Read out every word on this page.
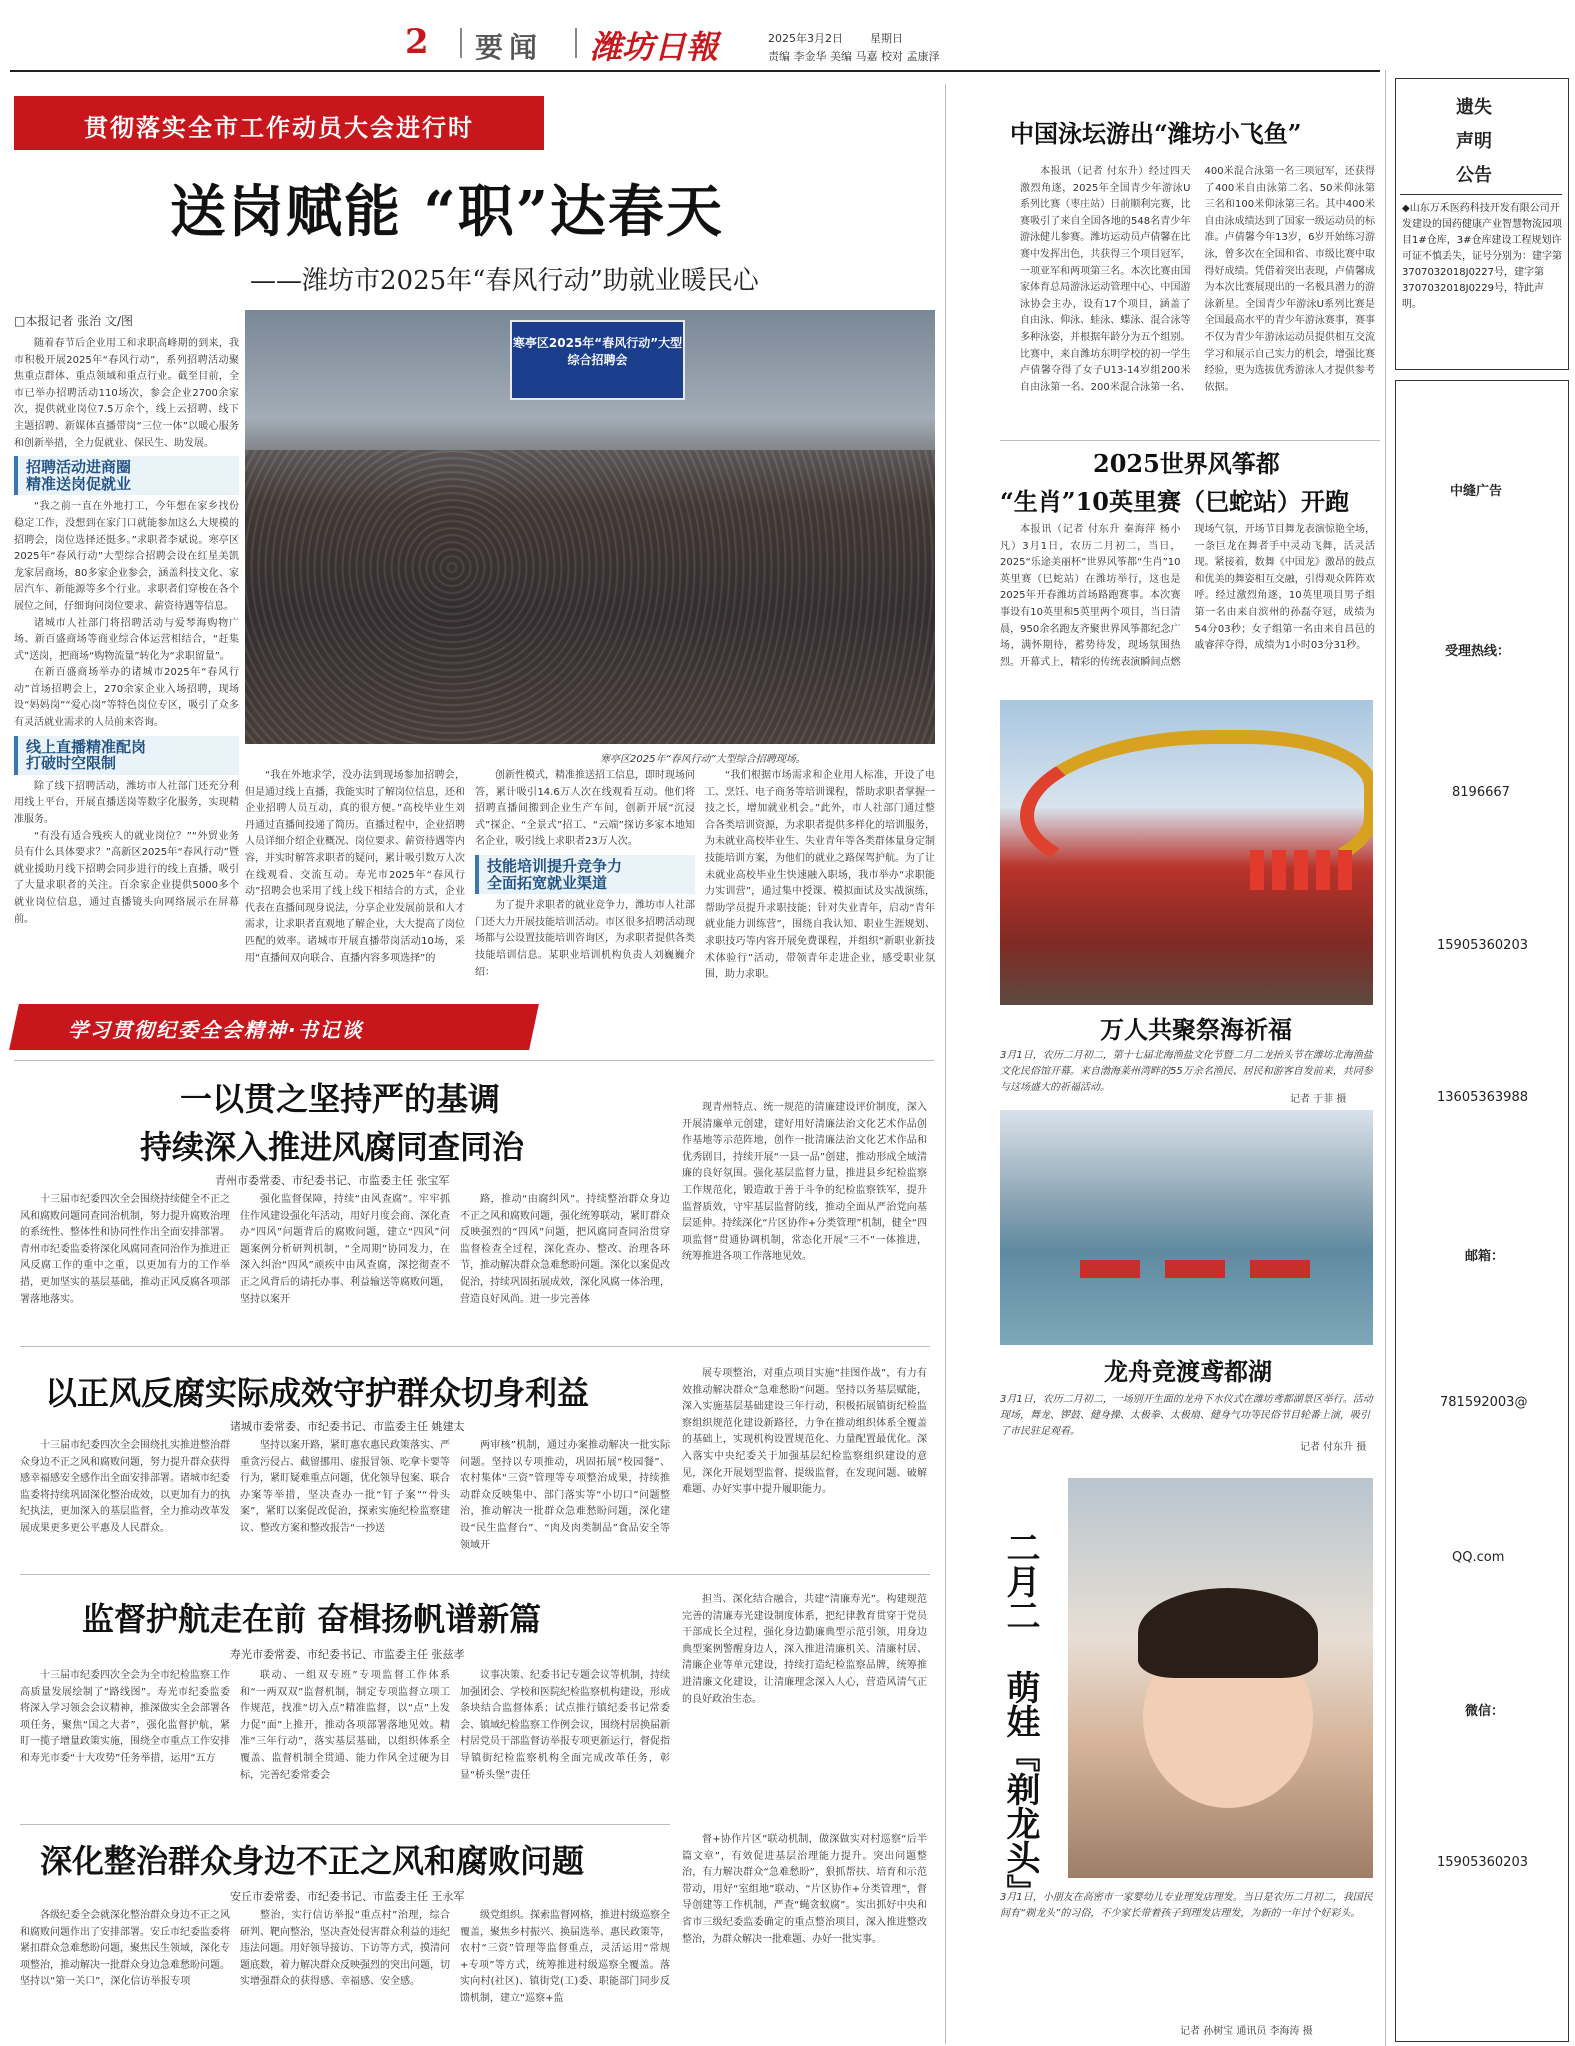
2 要闻 潍坊日報	2025年3月2日 星期日
责编 李金华 美编 马嘉 校对 孟康泽
贯彻落实全市工作动员大会进行时
送岗赋能 “职”达春天
——潍坊市2025年“春风行动”助就业暖民心
□本报记者 张治 文/图

随着春节后企业用工和求职高峰期的到来，我市积极开展2025年“春风行动”，系列招聘活动聚焦重点群体、重点领域和重点行业。截至目前，全市已举办招聘活动110场次，参会企业2700余家次，提供就业岗位7.5万余个，线上云招聘、线下主题招聘、新媒体直播带岗“三位一体”以暖心服务和创新举措，全力促就业、保民生、助发展。

招聘活动进商圈
精准送岗促就业

“我之前一直在外地打工，今年想在家乡找份稳定工作，没想到在家门口就能参加这么大规模的招聘会，岗位选择还挺多。”求职者李斌说。寒亭区2025年“春风行动”大型综合招聘会设在红星美凯龙家居商场，80多家企业参会，涵盖科技文化、家居汽车、新能源等多个行业。求职者们穿梭在各个展位之间，仔细询问岗位要求、薪资待遇等信息。

诸城市人社部门将招聘活动与爱琴海购物广场、新百盛商场等商业综合体运营相结合，“赶集式”送岗，把商场“购物流量”转化为“求职留量”。

在新百盛商场举办的诸城市2025年“春风行动”首场招聘会上，270余家企业入场招聘，现场设“妈妈岗”“爱心岗”等特色岗位专区，吸引了众多有灵活就业需求的人员前来咨询。

线上直播精准配岗
打破时空限制

除了线下招聘活动，潍坊市人社部门还充分利用线上平台，开展直播送岗等数字化服务，实现精准服务。

“有没有适合残疾人的就业岗位？”“外贸业务员有什么具体要求？”高新区2025年“春风行动”暨就业援助月线下招聘会同步进行的线上直播，吸引了大量求职者的关注。百余家企业提供5000多个就业岗位信息，通过直播镜头向网络展示在屏幕前。

寒亭区2025年“春风行动”大型综合招聘会
寒亭区2025年“春风行动”大型综合招聘现场。

“我在外地求学，没办法到现场参加招聘会，但是通过线上直播，我能实时了解岗位信息，还和企业招聘人员互动，真的很方便。”高校毕业生刘丹通过直播间投递了简历。直播过程中，企业招聘人员详细介绍企业概况、岗位要求、薪资待遇等内容，并实时解答求职者的疑问，累计吸引数万人次在线观看、交流互动。寿光市2025年“春风行动”招聘会也采用了线上线下相结合的方式，企业代表在直播间现身说法，分享企业发展前景和人才需求，让求职者直观地了解企业，大大提高了岗位匹配的效率。诸城市开展直播带岗活动10场，采用“直播间双向联合、直播内容多项选择”的

创新性模式，精准推送招工信息，即时现场问答，累计吸引14.6万人次在线观看互动。他们将招聘直播间搬到企业生产车间，创新开展“沉浸式”探企、“全景式”招工、“云端”探访多家本地知名企业，吸引线上求职者23万人次。

技能培训提升竞争力
全面拓宽就业渠道

为了提升求职者的就业竞争力，潍坊市人社部门还大力开展技能培训活动。市区很多招聘活动现场都与公设置技能培训咨询区，为求职者提供各类技能培训信息。某职业培训机构负责人刘巍巍介绍：

“我们根据市场需求和企业用人标准，开设了电工、烹饪、电子商务等培训课程，帮助求职者掌握一技之长，增加就业机会。”此外，市人社部门通过整合各类培训资源，为求职者提供多样化的培训服务，为未就业高校毕业生、失业青年等各类群体量身定制技能培训方案，为他们的就业之路保驾护航。为了让未就业高校毕业生快速融入职场，我市举办“求职能力实训营”，通过集中授课、模拟面试及实战演练，帮助学员提升求职技能；针对失业青年，启动“青年就业能力训练营”，围绕自我认知、职业生涯规划、求职技巧等内容开展免费课程，并组织“新职业新技术体验行”活动，带领青年走进企业，感受职业氛围，助力求职。

中国泳坛游出“潍坊小飞鱼”

本报讯（记者 付东升）经过四天激烈角逐，2025年全国青少年游泳U系列比赛（枣庄站）日前顺利完赛，比赛吸引了来自全国各地的548名青少年游泳健儿参赛。潍坊运动员卢倩馨在比赛中发挥出色，共获得三个项目冠军，一项亚军和两项第三名。本次比赛由国家体育总局游泳运动管理中心、中国游泳协会主办，设有17个项目，涵盖了自由泳、仰泳、蛙泳、蝶泳、混合泳等多种泳姿，并根据年龄分为五个组别。比赛中，来自潍坊东明学校的初一学生卢倩馨夺得了女子U13-14岁组200米自由泳第一名、200米混合泳第一名、400米混合泳第一名三项冠军，还获得了400米自由泳第二名、50米仰泳第三名和100米仰泳第三名。其中400米自由泳成绩达到了国家一级运动员的标准。卢倩馨今年13岁，6岁开始练习游泳，曾多次在全国和省、市级比赛中取得好成绩。凭借着突出表现，卢倩馨成为本次比赛展现出的一名极具潜力的游泳新星。全国青少年游泳U系列比赛是全国最高水平的青少年游泳赛事，赛事不仅为青少年游泳运动员提供相互交流学习和展示自己实力的机会，增强比赛经验，更为选拔优秀游泳人才提供参考依据。

2025世界风筝都
“生肖”10英里赛（巳蛇站）开跑

本报讯（记者 付东升 秦海萍 杨小凡）3月1日，农历二月初二，当日，2025“乐途美丽杯”世界风筝都“生肖”10英里赛（巳蛇站）在潍坊举行，这也是2025年开春潍坊首场路跑赛事。本次赛事设有10英里和5英里两个项目，当日清晨，950余名跑友齐聚世界风筝都纪念广场，满怀期待，蓄势待发，现场氛围热烈。开幕式上，精彩的传统表演瞬间点燃现场气氛，开场节目舞龙表演惊艳全场，一条巨龙在舞者手中灵动飞舞，活灵活现。紧接着，数舞《中国龙》激昂的鼓点和优美的舞姿相互交融，引得观众阵阵欢呼。经过激烈角逐，10英里项目男子组第一名由来自滨州的孙磊夺冠，成绩为54分03秒；女子组第一名由来自昌邑的戚睿萍夺得，成绩为1小时03分31秒。

万人共聚祭海祈福
3月1日，农历二月初二，第十七届北海渔盐文化节暨二月二龙抬头节在潍坊北海渔盐文化民俗馆开幕。来自渤海莱州湾畔的55万余名渔民、居民和游客自发前来，共同参与这场盛大的祈福活动。
记者 于菲 摄
龙舟竞渡鸢都湖
3月1日，农历二月初二，一场别开生面的龙舟下水仪式在潍坊鸢都湖景区举行。活动现场，舞龙、锣鼓、健身操、太极拳、太极扇、健身气功等民俗节目轮番上演，吸引了市民驻足观看。
记者 付东升 摄
二月二
萌娃『剃龙头』
3月1日，小朋友在高密市一家婴幼儿专业理发店理发。当日是农历二月初二，我国民间有“剃龙头”的习俗，不少家长带着孩子到理发店理发，为新的一年讨个好彩头。
记者 孙树宝 通讯员 李海涛 摄
遗失
声明
公告
◆山东万禾医药科技开发有限公司开发建设的国药健康产业智慧物流园项目1#仓库，3#仓库建设工程规划许可证不慎丢失，证号分别为：建字第3707032018J0227号，建字第3707032018J0229号，特此声明。
中缝广告
受理热线：
8196667
15905360203
13605363988
邮箱：
781592003@
QQ.com
微信：
15905360203
学习贯彻纪委全会精神·书记谈
一以贯之坚持严的基调
持续深入推进风腐同查同治
青州市委常委、市纪委书记、市监委主任 张宝军

十三届市纪委四次全会围绕持续健全不正之风和腐败问题同查同治机制，努力提升腐败治理的系统性、整体性和协同性作出全面安排部署。青州市纪委监委将深化风腐同查同治作为推进正风反腐工作的重中之重，以更加有力的工作举措，更加坚实的基层基础，推动正风反腐各项部署落地落实。

强化监督保障，持续“由风查腐”。牢牢抓住作风建设强化年活动，用好月度会商、深化查办“四风”问题背后的腐败问题，建立“四风”问题案例分析研判机制，“全周期”协同发力，在深入纠治“四风”顽疾中由风查腐，深挖彻查不正之风背后的请托办事、利益输送等腐败问题，坚持以案开

路，推动“由腐纠风”。持续整治群众身边不正之风和腐败问题，强化统筹联动，紧盯群众反映强烈的“四风”问题，把风腐同查同治贯穿监督检查全过程，深化查办、整改、治理各环节，推动解决群众急难愁盼问题。深化以案促改促治，持续巩固拓展成效，深化风腐一体治理，营造良好风尚。进一步完善体

现青州特点、统一规范的清廉建设评价制度，深入开展清廉单元创建，建好用好清廉法治文化艺术作品创作基地等示范阵地，创作一批清廉法治文化艺术作品和优秀剧目，持续开展“一县一品”创建，推动形成全域清廉的良好氛围。强化基层监督力量，推进县乡纪检监察工作规范化，锻造敢于善于斗争的纪检监察铁军，提升监督质效，守牢基层监督防线，推动全面从严治党向基层延伸。持续深化“片区协作+分类管理”机制，健全“四项监督”贯通协调机制，常态化开展“三不”一体推进，统筹推进各项工作落地见效。

以正风反腐实际成效守护群众切身利益
诸城市委常委、市纪委书记、市监委主任 姚建太

十三届市纪委四次全会围绕扎实推进整治群众身边不正之风和腐败问题，努力提升群众获得感幸福感安全感作出全面安排部署。诸城市纪委监委将持续巩固深化整治成效，以更加有力的执纪执法，更加深入的基层监督，全力推动改革发展成果更多更公平惠及人民群众。

坚持以案开路，紧盯惠农惠民政策落实、严重贪污侵占、截留挪用、虚报冒领、吃拿卡要等行为，紧盯疑难重点问题，优化领导包案、联合办案等举措，坚决查办一批“钉子案”“骨头案”，紧盯以案促改促治，探索实施纪检监察建议、整改方案和整改报告“一抄送

两审核”机制，通过办案推动解决一批实际问题。坚持以专项推动，巩固拓展“校园餐”、农村集体“三资”管理等专项整治成果，持续推动群众反映集中、部门落实等“小切口”问题整治，推动解决一批群众急难愁盼问题，深化建设“民生监督台”、“肉及肉类制品”食品安全等领域开

展专项整治，对重点项目实施“挂图作战”，有力有效推动解决群众“急难愁盼”问题。坚持以务基层赋能，深入实施基层基础建设三年行动，积极拓展镇街纪检监察组织规范化建设新路径，力争在推动组织体系全覆盖的基础上，实现机构设置规范化、力量配置最优化。深入落实中央纪委关于加强基层纪检监察组织建设的意见，深化开展划型监督、提级监督，在发现问题、破解难题、办好实事中提升履职能力。

监督护航走在前 奋楫扬帆谱新篇
寿光市委常委、市纪委书记、市监委主任 张兹孝

十三届市纪委四次全会为全市纪检监察工作高质量发展绘制了“路线图”。寿光市纪委监委将深入学习领会会议精神，推深做实全会部署各项任务，聚焦“国之大者”，强化监督护航，紧盯一揽子增量政策实施，围绕全市重点工作安排和寿光市委“十大攻势”任务举措，运用“五方

联动、一组双专班”专项监督工作体系和“一两双双”监督机制，制定专项监督立项工作规范，找准“切入点”精准监督，以“点”上发力促“面”上推开，推动各项部署落地见效。精准“三年行动”，落实基层基础，以组织体系全覆盖、监督机制全贯通、能力作风全过硬为目标，完善纪委常委会

议事决策、纪委书记专题会议等机制，持续加强团会、学校和医院纪检监察机构建设，形成条块结合监督体系；试点推行镇纪委书记常委会、镇域纪检监察工作例会议，围绕村居换届新村居党员干部监督访举报专项更新运行，督促指导镇街纪检监察机构全面完成改革任务，彰显“桥头堡”责任

担当、深化结合融合，共建“清廉寿光”。构建规范完善的清廉寿光建设制度体系，把纪律教育贯穿于党员干部成长全过程，强化身边勤廉典型示范引领，用身边典型案例警醒身边人，深入推进清廉机关、清廉村居、清廉企业等单元建设，持续打造纪检监察品牌，统筹推进清廉文化建设，让清廉理念深入人心，营造风清气正的良好政治生态。

深化整治群众身边不正之风和腐败问题
安丘市委常委、市纪委书记、市监委主任 王永军

各级纪委全会就深化整治群众身边不正之风和腐败问题作出了安排部署。安丘市纪委监委将紧扣群众急难愁盼问题，聚焦民生领域，深化专项整治，推动解决一批群众身边急难愁盼问题。坚持以“第一关口”，深化信访举报专项

整治，实行信访举报“重点村”治理，综合研判、靶向整治，坚决查处侵害群众利益的违纪违法问题。用好领导接访、下访等方式，摸清问题底数，着力解决群众反映强烈的突出问题，切实增强群众的获得感、幸福感、安全感。

级党组织。探索监督网格，推进村级巡察全覆盖，聚焦乡村振兴、换届选举、惠民政策等，农村“三资”管理等监督重点，灵活运用“常规+专项”等方式，统筹推进村级巡察全覆盖。落实向村(社区)、镇街党(工)委、职能部门同步反馈机制，建立“巡察+监

督+协作片区”联动机制，做深做实对村巡察“后半篇文章”，有效促进基层治理能力提升。突出问题整治，有力解决群众“急难愁盼”，狠抓帮扶、培育和示范带动，用好“室组地”联动、“片区协作+分类管理”，督导创建等工作机制，严查“蝇贪蚁腐”。实出抓好中央和省市三级纪委监委确定的重点整治项目，深入推进整改整治，为群众解决一批难题、办好一批实事。
